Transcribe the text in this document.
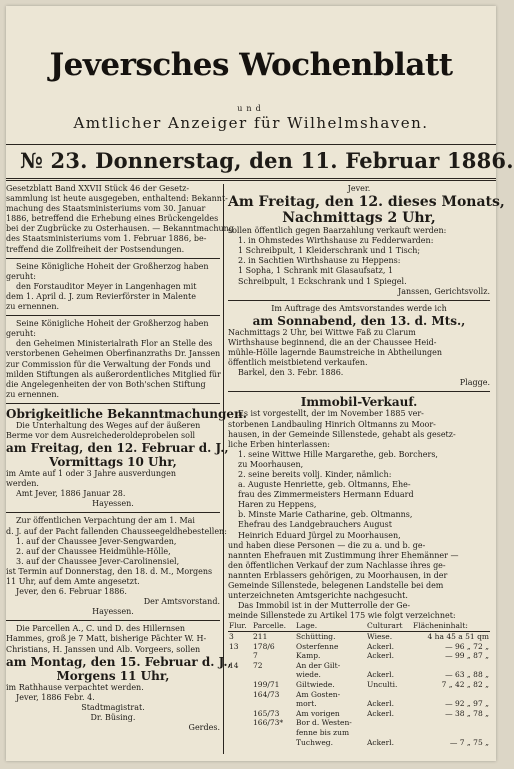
Jeversches Wochenblatt
und
Amtlicher Anzeiger für Wilhelmshaven.
№ 23. Donnerstag, den 11. Februar 1886.

Gesetzblatt Band XXVII Stück 46 der Gesetz-

sammlung ist heute ausgegeben, enthaltend: Bekannt-

machung des Staatsministeriums vom 30. Januar

1886, betreffend die Erhebung eines Brückengeldes

bei der Zugbrücke zu Osterhausen. — Bekanntmachung

des Staatsministeriums vom 1. Februar 1886, be-

treffend die Zollfreiheit der Postsendungen.

Seine Königliche Hoheit der Großherzog haben

geruht:

den Forstauditor Meyer in Langenhagen mit

dem 1. April d. J. zum Revierförster in Malente

zu ernennen.

Seine Königliche Hoheit der Großherzog haben

geruht:

den Geheimen Ministerialrath Flor an Stelle des

verstorbenen Geheimen Oberfinanzraths Dr. Janssen

zur Commission für die Verwaltung der Fonds und

milden Stiftungen als außerordentliches Mitglied für

die Angelegenheiten der von Both'schen Stiftung

zu ernennen.

Obrigkeitliche Bekanntmachungen.

Die Unterhaltung des Weges auf der äußeren

Berme vor dem Ausreichederoldeprobelen soll

am Freitag, den 12. Februar d. J.,

Vormittags 10 Uhr,

im Amte auf 1 oder 3 Jahre ausverdungen

werden.

Amt Jever, 1886 Januar 28.

Hayessen.

Zur öffentlichen Verpachtung der am 1. Mai

d. J. auf der Pacht fallenden Chausseegeldhebestellen:

1. auf der Chaussee Jever-Sengwarden,

2. auf der Chaussee Heidmühle-Hölle,

3. auf der Chaussee Jever-Carolinensiel,

ist Termin auf Donnerstag, den 18. d. M., Morgens

11 Uhr, auf dem Amte angesetzt.

Jever, den 6. Februar 1886.

Der Amtsvorstand.

Hayessen.

Die Parcellen A., C. und D. des Hillernsen

Hammes, groß je 7 Matt, bisherige Pächter W. H-

Christians, H. Janssen und Alb. Vorgeers, sollen

am Montag, den 15. Februar d. J.,

Morgens 11 Uhr,

im Rathhause verpachtet werden.

Jever, 1886 Febr. 4.

Stadtmagistrat.

Dr. Büsing.

Gerdes.

Jever.

Am Freitag, den 12. dieses Monats,

Nachmittags 2 Uhr,

sollen öffentlich gegen Baarzahlung verkauft werden:

1. in Ohmstedes Wirthshause zu Fedderwarden:

1 Schreibpult, 1 Kleiderschrank und 1 Tisch;

2. in Sachtien Wirthshause zu Heppens:

1 Sopha, 1 Schrank mit Glasaufsatz, 1

Schreibpult, 1 Eckschrank und 1 Spiegel.

Janssen, Gerichtsvollz.

Im Auftrage des Amtsvorstandes werde ich

am Sonnabend, den 13. d. Mts.,

Nachmittags 2 Uhr, bei Wittwe Faß zu Clarum

Wirthshause beginnend, die an der Chaussee Heid-

mühle-Hölle lagernde Baumstreiche in Abtheilungen

öffentlich meistbietend verkaufen.

Barkel, den 3. Febr. 1886.

Plagge.

Immobil-Verkauf.

Es ist vorgestellt, der im November 1885 ver-

storbenen Landbauling Hinrich Oltmanns zu Moor-

hausen, in der Gemeinde Sillenstede, gehabt als gesetz-

liche Erben hinterlassen:

1. seine Wittwe Hille Margarethe, geb. Borchers,

zu Moorhausen,

2. seine bereits vollj. Kinder, nämlich:

a. Auguste Henriette, geb. Oltmanns, Ehe-

frau des Zimmermeisters Hermann Eduard

Haren zu Heppens,

b. Minste Marie Catharine, geb. Oltmanns,

Ehefrau des Landgebrauchers August

Heinrich Eduard Jürgel zu Moorhausen,

und haben diese Personen — die zu a. und b. ge-

nannten Ehefrauen mit Zustimmung ihrer Ehemänner —

den öffentlichen Verkauf der zum Nachlasse ihres ge-

nannten Erblassers gehörigen, zu Moorhausen, in der

Gemeinde Sillenstede, belegenen Landstelle bei dem

unterzeichneten Amtsgerichte nachgesucht.

Das Immobil ist in der Mutterrolle der Ge-

meinde Sillenstede zu Artikel 175 wie folgt verzeichnet:

Flur.	Parcelle.	Lage.	Culturart	Flächeninhalt:
3	211	Schütting.	Wiese.	4 ha 45 a 51 qm
13	178/6	Osterfenne	Ackerl.	— 96 „ 72 „
	7	Kamp.	Ackerl.	— 99 „ 87 „
14	72	An der Gilt-		
		wiede.	Ackerl.	— 63 „ 88 „
	199/71	Giltwiede.	Unculti.	7 „ 42 „ 82 „
	164/73	Am Gosten-		
		mort.	Ackerl.	— 92 „ 97 „
	165/73	Am vorigen	Ackerl.	— 38 „ 78 „
	166/73*	Bor d. Westen-		
		fenne bis zum		
		Tuchweg.	Ackerl.	— 7 „ 75 „
